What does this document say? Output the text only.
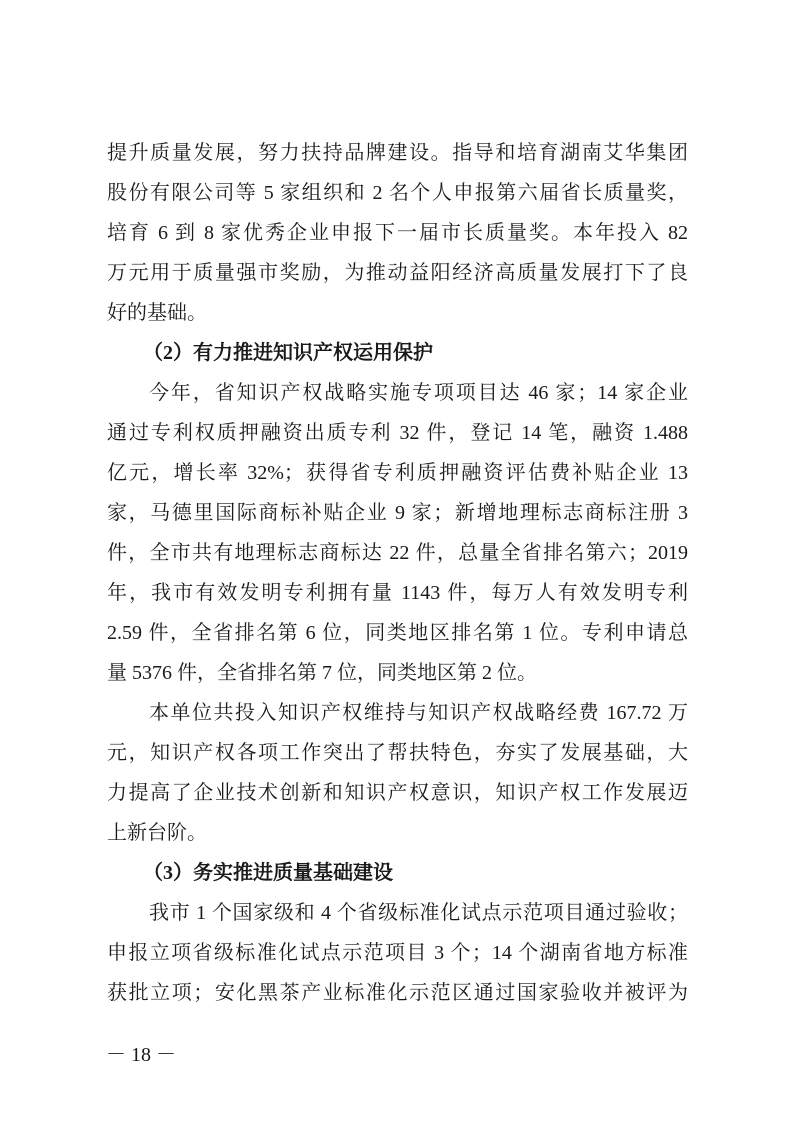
提升质量发展，努力扶持品牌建设。指导和培育湖南艾华集团
股份有限公司等 5 家组织和 2 名个人申报第六届省长质量奖，
培育 6 到 8 家优秀企业申报下一届市长质量奖。本年投入 82
万元用于质量强市奖励，为推动益阳经济高质量发展打下了良
好的基础。
（2）有力推进知识产权运用保护
今年，省知识产权战略实施专项项目达 46 家；14 家企业
通过专利权质押融资出质专利 32 件，登记 14 笔，融资 1.488
亿元，增长率 32%；获得省专利质押融资评估费补贴企业 13
家，马德里国际商标补贴企业 9 家；新增地理标志商标注册 3
件，全市共有地理标志商标达 22 件，总量全省排名第六；2019
年，我市有效发明专利拥有量 1143 件，每万人有效发明专利
2.59 件，全省排名第 6 位，同类地区排名第 1 位。专利申请总
量 5376 件，全省排名第 7 位，同类地区第 2 位。
本单位共投入知识产权维持与知识产权战略经费 167.72 万
元，知识产权各项工作突出了帮扶特色，夯实了发展基础，大
力提高了企业技术创新和知识产权意识，知识产权工作发展迈
上新台阶。
（3）务实推进质量基础建设
我市 1 个国家级和 4 个省级标准化试点示范项目通过验收；
申报立项省级标准化试点示范项目 3 个；14 个湖南省地方标准
获批立项；安化黑茶产业标准化示范区通过国家验收并被评为
－ 18 －
